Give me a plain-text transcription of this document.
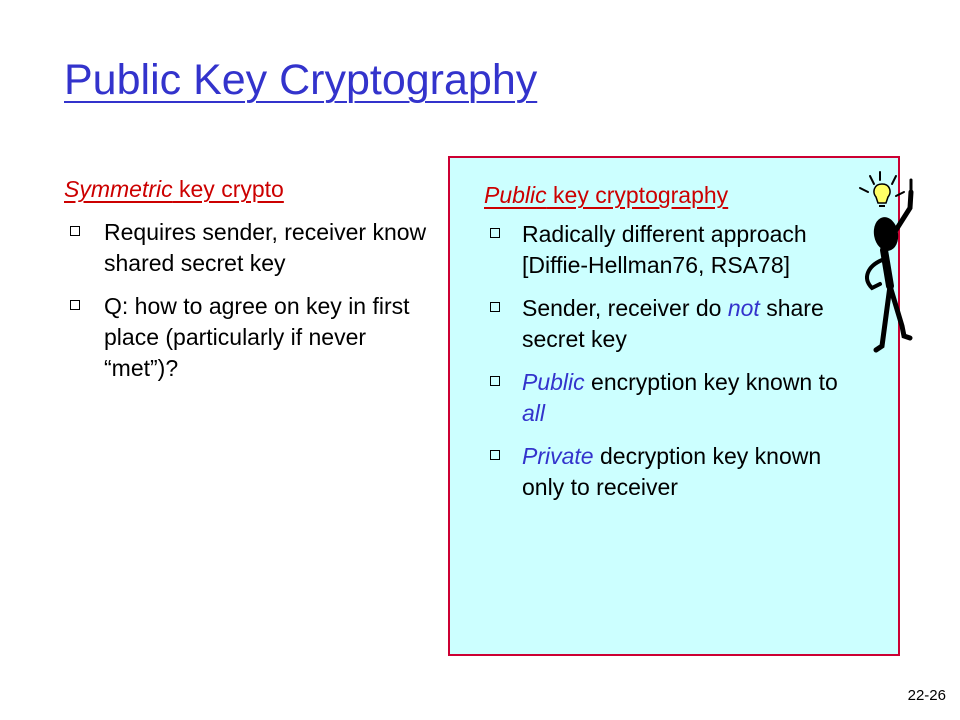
Public Key Cryptography

Symmetric key crypto

Requires sender, receiver know shared secret key
Q: how to agree on key in first place (particularly if never “met”)?

Public key cryptography

Radically different approach [Diffie-Hellman76, RSA78]
Sender, receiver do not share secret key
Public encryption key known to all
Private decryption key known only to receiver
22-26
